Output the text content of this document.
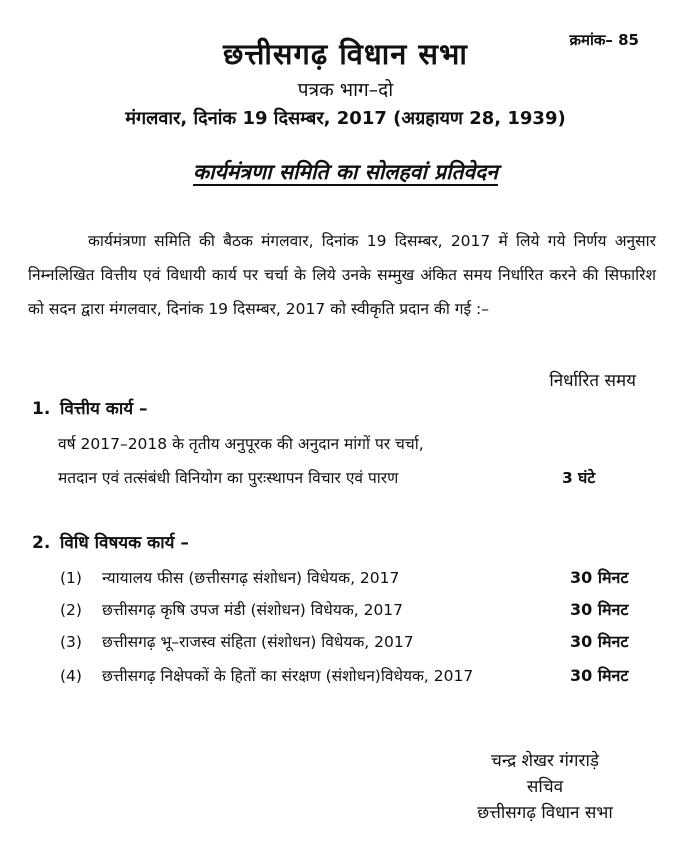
क्रमांक– 85
छत्तीसगढ़ विधान सभा
पत्रक भाग–दो
मंगलवार, दिनांक 19 दिसम्बर, 2017 (अग्रहायण 28, 1939)
कार्यमंत्रणा समिति का सोलहवां प्रतिवेदन
कार्यमंत्रणा समिति की बैठक मंगलवार, दिनांक 19 दिसम्बर, 2017 में लिये गये निर्णय अनुसार निम्नलिखित वित्तीय एवं विधायी कार्य पर चर्चा के लिये उनके सम्मुख अंकित समय निर्धारित करने की सिफारिश को सदन द्वारा मंगलवार, दिनांक 19 दिसम्बर, 2017 को स्वीकृति प्रदान की गई :–
निर्धारित समय
1. वित्तीय कार्य –
वर्ष 2017–2018 के तृतीय अनुपूरक की अनुदान मांगों पर चर्चा,
मतदान एवं तत्संबंधी विनियोग का पुरःस्थापन विचार एवं पारण	3 घंटे
2. विधि विषयक कार्य –
(1) न्यायालय फीस (छत्तीसगढ़ संशोधन) विधेयक, 2017	30 मिनट
(2) छत्तीसगढ़ कृषि उपज मंडी (संशोधन) विधेयक, 2017	30 मिनट
(3) छत्तीसगढ़ भू–राजस्व संहिता (संशोधन) विधेयक, 2017	30 मिनट
(4) छत्तीसगढ़ निक्षेपकों के हितों का संरक्षण (संशोधन)विधेयक, 2017	30 मिनट
चन्द्र शेखर गंगराड़े
सचिव
छत्तीसगढ़ विधान सभा
